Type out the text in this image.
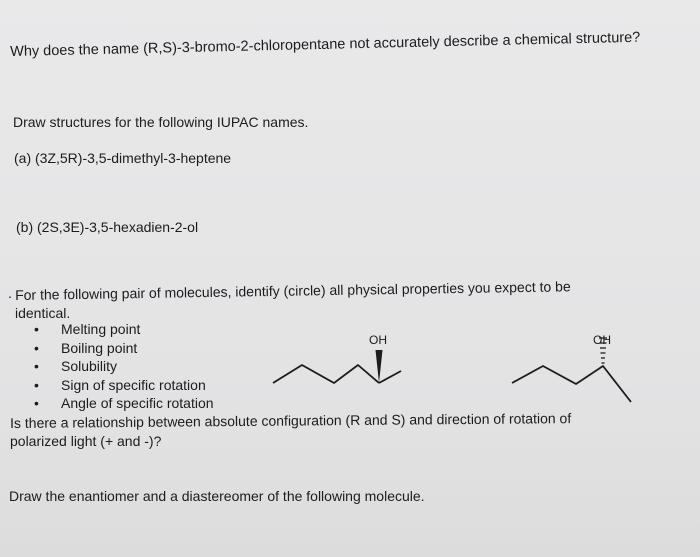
Why does the name (R,S)-3-bromo-2-chloropentane not accurately describe a chemical structure?
Draw structures for the following IUPAC names.
(a) (3Z,5R)-3,5-dimethyl-3-heptene
(b) (2S,3E)-3,5-hexadien-2-ol
. For the following pair of molecules, identify (circle) all physical properties you expect to be
identical.
• Melting point
• Boiling point
• Solubility
• Sign of specific rotation
• Angle of specific rotation
OH	OH
Is there a relationship between absolute configuration (R and S) and direction of rotation of
polarized light (+ and -)?
Draw the enantiomer and a diastereomer of the following molecule.
